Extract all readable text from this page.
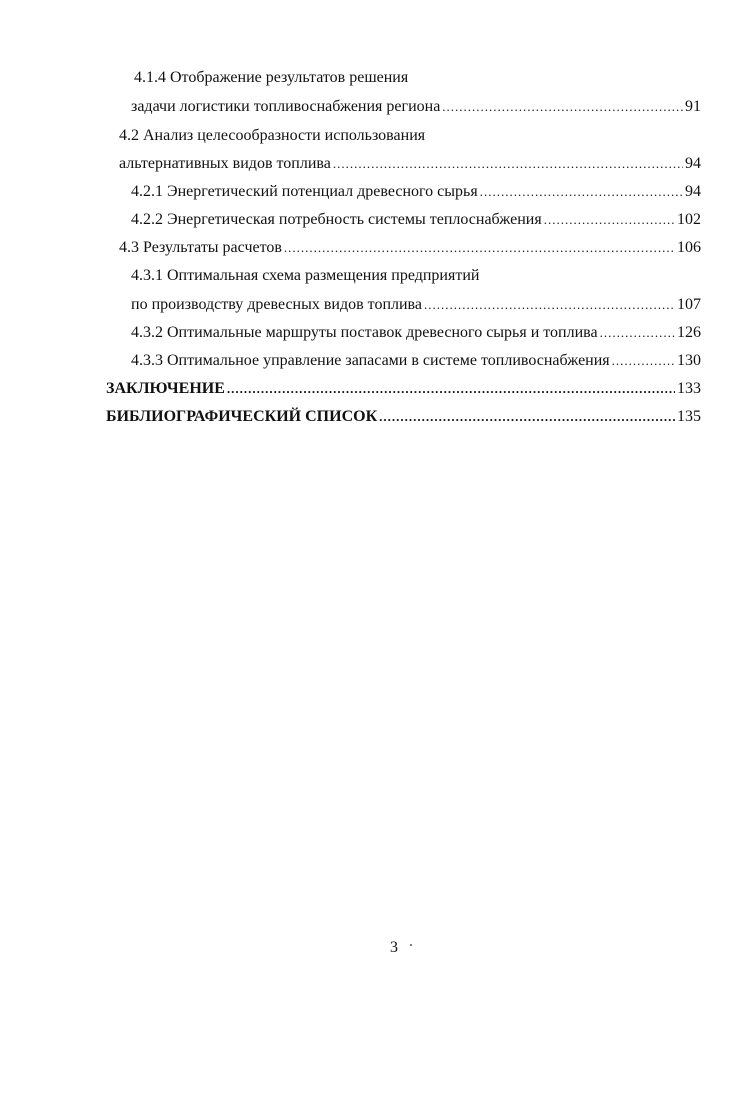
4.1.4 Отображение результатов решения
задачи логистики топливоснабжения региона .....	91
4.2 Анализ целесообразности использования
альтернативных видов топлива .....	94
4.2.1 Энергетический потенциал древесного сырья .....	94
4.2.2 Энергетическая потребность системы теплоснабжения .....	102
4.3 Результаты расчетов .....	106
4.3.1 Оптимальная схема размещения предприятий
по производству древесных видов топлива .....	107
4.3.2 Оптимальные маршруты поставок древесного сырья и топлива .....	126
4.3.3 Оптимальное управление запасами в системе топливоснабжения .....	130
ЗАКЛЮЧЕНИЕ .....	133
БИБЛИОГРАФИЧЕСКИЙ СПИСОК .....	135
3
